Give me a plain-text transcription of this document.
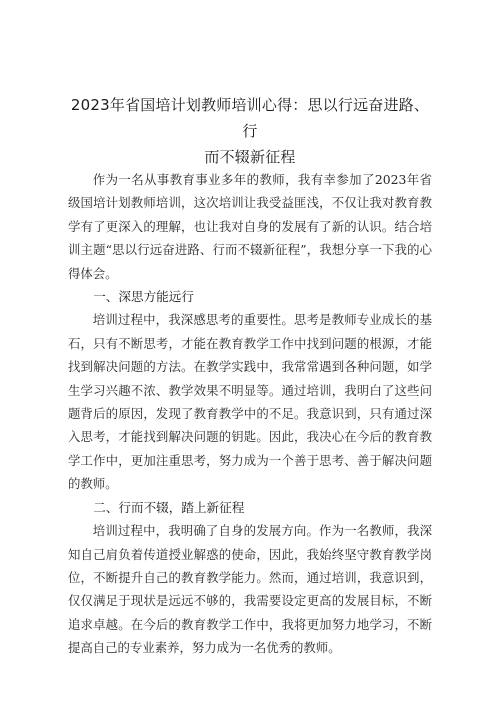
2023年省国培计划教师培训心得：思以行远奋进路、行
而不辍新征程

作为一名从事教育事业多年的教师，我有幸参加了2023年省级国培计划教师培训，这次培训让我受益匪浅，不仅让我对教育教学有了更深入的理解，也让我对自身的发展有了新的认识。结合培训主题“思以行远奋进路、行而不辍新征程”，我想分享一下我的心得体会。

一、深思方能远行

培训过程中，我深感思考的重要性。思考是教师专业成长的基石，只有不断思考，才能在教育教学工作中找到问题的根源，才能找到解决问题的方法。在教学实践中，我常常遇到各种问题，如学生学习兴趣不浓、教学效果不明显等。通过培训，我明白了这些问题背后的原因，发现了教育教学中的不足。我意识到，只有通过深入思考，才能找到解决问题的钥匙。因此，我决心在今后的教育教学工作中，更加注重思考，努力成为一个善于思考、善于解决问题的教师。

二、行而不辍，踏上新征程

培训过程中，我明确了自身的发展方向。作为一名教师，我深知自己肩负着传道授业解惑的使命，因此，我始终坚守教育教学岗位，不断提升自己的教育教学能力。然而，通过培训，我意识到，仅仅满足于现状是远远不够的，我需要设定更高的发展目标，不断追求卓越。在今后的教育教学工作中，我将更加努力地学习，不断提高自己的专业素养，努力成为一名优秀的教师。
